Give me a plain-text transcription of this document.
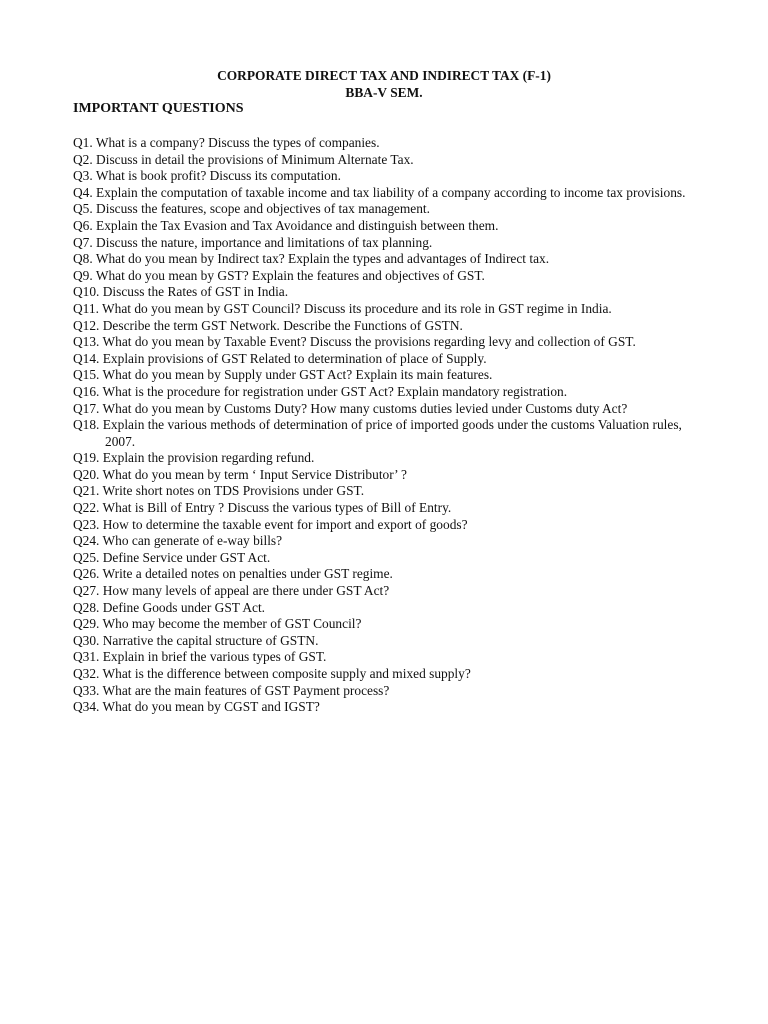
CORPORATE DIRECT TAX AND INDIRECT TAX (F-1)
BBA-V SEM.
IMPORTANT QUESTIONS
Q1. What is a company? Discuss the types of companies.
Q2. Discuss in detail the provisions of Minimum Alternate Tax.
Q3. What is book profit? Discuss its computation.
Q4. Explain the computation of taxable income and tax liability of a company according to income tax provisions.
Q5. Discuss the features, scope and objectives of tax management.
Q6. Explain the Tax Evasion and Tax Avoidance and distinguish between them.
Q7. Discuss the nature, importance and limitations of tax planning.
Q8. What do you mean by Indirect tax? Explain the types and advantages of Indirect tax.
Q9. What do you mean by GST? Explain the features and objectives of GST.
Q10. Discuss the Rates of GST in India.
Q11. What do you mean by GST Council? Discuss its procedure and its role in GST regime in India.
Q12. Describe the term GST Network. Describe the Functions of GSTN.
Q13. What do you mean by Taxable Event? Discuss the provisions regarding levy and collection of GST.
Q14. Explain provisions of GST Related to determination of place of Supply.
Q15. What do you mean by Supply under GST Act? Explain its main features.
Q16. What is the procedure for registration under GST Act? Explain mandatory registration.
Q17. What do you mean by Customs Duty? How many customs duties levied under Customs duty Act?
Q18. Explain the various methods of determination of price of imported goods under the customs Valuation rules, 2007.
Q19. Explain the provision regarding refund.
Q20. What do you mean by term ‘ Input Service Distributor’ ?
Q21. Write short notes on TDS Provisions under GST.
Q22. What is Bill of Entry ? Discuss the various types of Bill of Entry.
Q23. How to determine the taxable event for import and export of goods?
Q24. Who can generate of e-way bills?
Q25. Define Service under GST Act.
Q26. Write a detailed notes on penalties under GST regime.
Q27. How many levels of appeal are there under GST Act?
Q28. Define Goods under GST Act.
Q29. Who may become the member of GST Council?
Q30. Narrative the capital structure of GSTN.
Q31. Explain in brief the various types of GST.
Q32. What is the difference between composite supply and mixed supply?
Q33. What are the main features of GST Payment process?
Q34. What do you mean by CGST and IGST?
